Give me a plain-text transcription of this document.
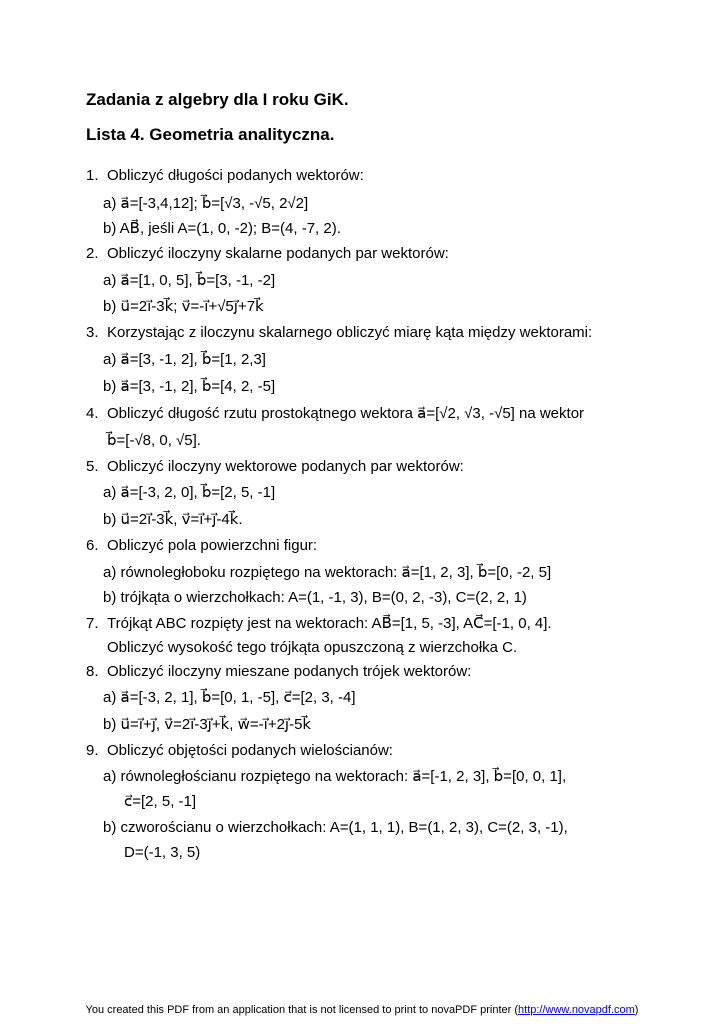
Zadania z algebry dla I roku GiK.
Lista 4. Geometria analityczna.
1. Obliczyć długości podanych wektorów:
a) a⃗=[-3,4,12]; b⃗=[√3, -√5, 2√2]
b) AB⃗, jeśli A=(1, 0, -2); B=(4, -7, 2).
2. Obliczyć iloczyny skalarne podanych par wektorów:
a) a⃗=[1, 0, 5], b⃗=[3, -1, -2]
b) u⃗=2i⃗-3k⃗; v⃗=-i⃗+√5j⃗+7k⃗
3. Korzystając z iloczynu skalarnego obliczyć miarę kąta między wektorami:
a) a⃗=[3, -1, 2], b⃗=[1, 2,3]
b) a⃗=[3, -1, 2], b⃗=[4, 2, -5]
4. Obliczyć długość rzutu prostokątnego wektora a⃗=[√2, √3, -√5] na wektor
b⃗=[-√8, 0, √5].
5. Obliczyć iloczyny wektorowe podanych par wektorów:
a) a⃗=[-3, 2, 0], b⃗=[2, 5, -1]
b) u⃗=2i⃗-3k⃗, v⃗=i⃗+j⃗-4k⃗.
6. Obliczyć pola powierzchni figur:
a) równoległoboku rozpiętego na wektorach: a⃗=[1, 2, 3], b⃗=[0, -2, 5]
b) trójkąta o wierzchołkach: A=(1, -1, 3), B=(0, 2, -3), C=(2, 2, 1)
7. Trójkąt ABC rozpięty jest na wektorach: AB⃗=[1, 5, -3], AC⃗=[-1, 0, 4].
Obliczyć wysokość tego trójkąta opuszczoną z wierzchołka C.
8. Obliczyć iloczyny mieszane podanych trójek wektorów:
a) a⃗=[-3, 2, 1], b⃗=[0, 1, -5], c⃗=[2, 3, -4]
b) u⃗=i⃗+j⃗, v⃗=2i⃗-3j⃗+k⃗, w⃗=-i⃗+2j⃗-5k⃗
9. Obliczyć objętości podanych wielościanów:
a) równoległościanu rozpiętego na wektorach: a⃗=[-1, 2, 3], b⃗=[0, 0, 1],
c⃗=[2, 5, -1]
b) czworościanu o wierzchołkach: A=(1, 1, 1), B=(1, 2, 3), C=(2, 3, -1),
D=(-1, 3, 5)
You created this PDF from an application that is not licensed to print to novaPDF printer (http://www.novapdf.com)
